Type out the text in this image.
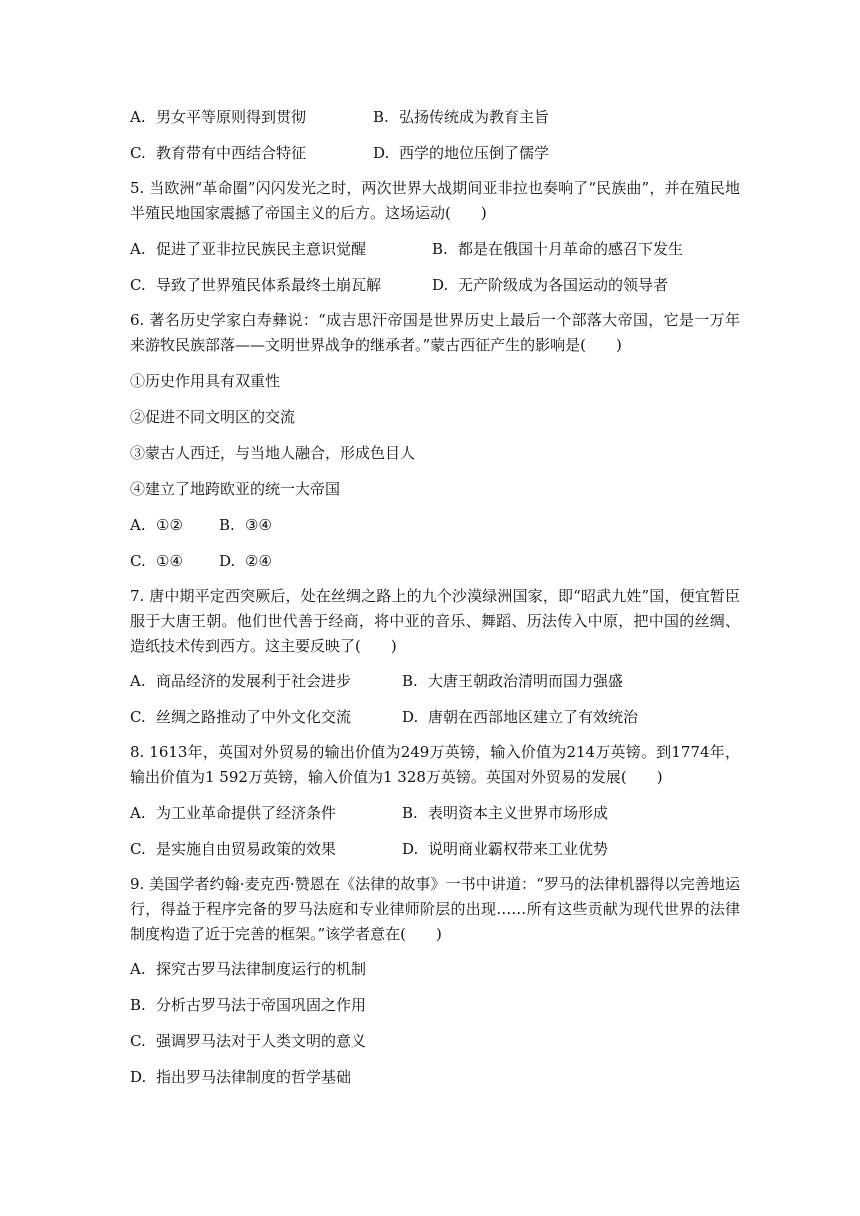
A. 男女平等原则得到贯彻	B. 弘扬传统成为教育主旨
C. 教育带有中西结合特征	D. 西学的地位压倒了儒学
5. 当欧洲“革命圈”闪闪发光之时，两次世界大战期间亚非拉也奏响了“民族曲”，并在殖民地半殖民地国家震撼了帝国主义的后方。这场运动(　　)
A. 促进了亚非拉民族民主意识觉醒	B. 都是在俄国十月革命的感召下发生
C. 导致了世界殖民体系最终土崩瓦解	D. 无产阶级成为各国运动的领导者
6. 著名历史学家白寿彝说：“成吉思汗帝国是世界历史上最后一个部落大帝国，它是一万年来游牧民族部落——文明世界战争的继承者。”蒙古西征产生的影响是(　　)
①历史作用具有双重性
②促进不同文明区的交流
③蒙古人西迁，与当地人融合，形成色目人
④建立了地跨欧亚的统一大帝国
A. ①② B. ③④
C. ①④ D. ②④
7. 唐中期平定西突厥后，处在丝绸之路上的九个沙漠绿洲国家，即“昭武九姓”国，便宜暂臣服于大唐王朝。他们世代善于经商，将中亚的音乐、舞蹈、历法传入中原，把中国的丝绸、造纸技术传到西方。这主要反映了(　　)
A. 商品经济的发展利于社会进步	B. 大唐王朝政治清明而国力强盛
C. 丝绸之路推动了中外文化交流	D. 唐朝在西部地区建立了有效统治
8. 1613年，英国对外贸易的输出价值为249万英镑，输入价值为214万英镑。到1774年，输出价值为1 592万英镑，输入价值为1 328万英镑。英国对外贸易的发展(　　)
A. 为工业革命提供了经济条件	B. 表明资本主义世界市场形成
C. 是实施自由贸易政策的效果	D. 说明商业霸权带来工业优势
9. 美国学者约翰·麦克西·赞恩在《法律的故事》一书中讲道：“罗马的法律机器得以完善地运行，得益于程序完备的罗马法庭和专业律师阶层的出现……所有这些贡献为现代世界的法律制度构造了近于完善的框架。”该学者意在(　　)
A. 探究古罗马法律制度运行的机制
B. 分析古罗马法于帝国巩固之作用
C. 强调罗马法对于人类文明的意义
D. 指出罗马法律制度的哲学基础
